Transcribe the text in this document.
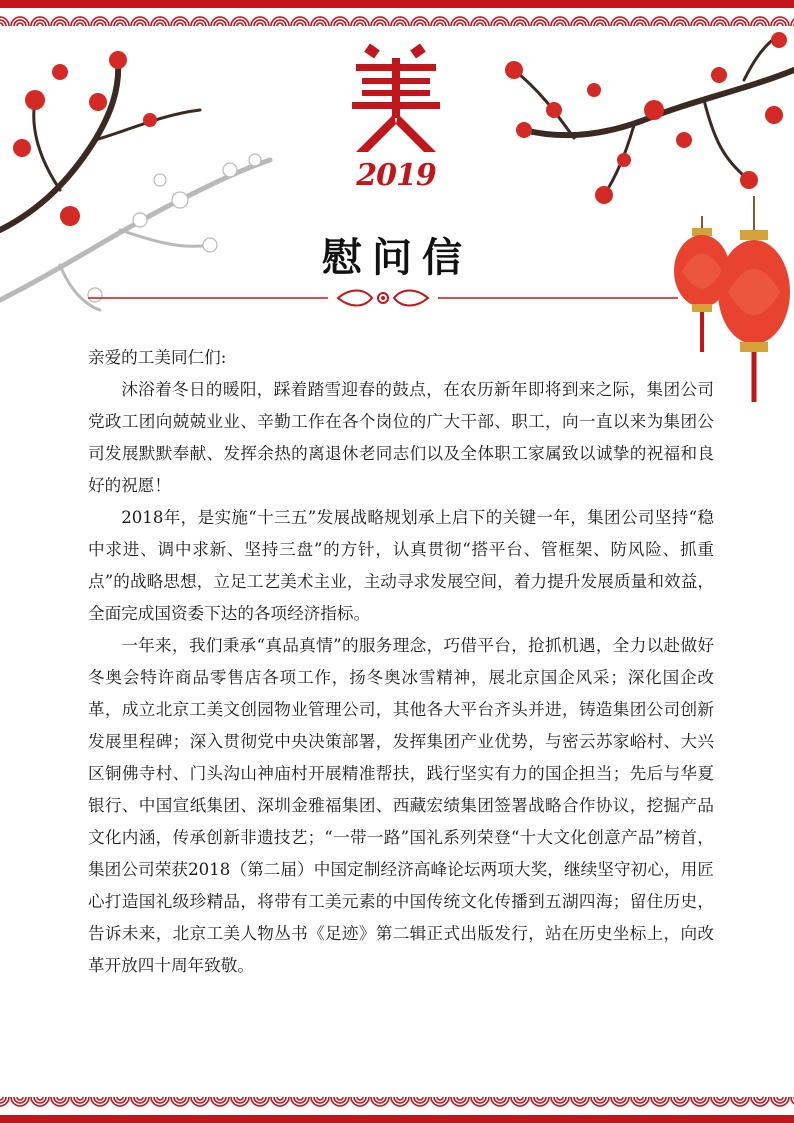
2019
慰问信

亲爱的工美同仁们:

沐浴着冬日的暖阳，踩着踏雪迎春的鼓点，在农历新年即将到来之际，集团公司党政工团向兢兢业业、辛勤工作在各个岗位的广大干部、职工，向一直以来为集团公司发展默默奉献、发挥余热的离退休老同志们以及全体职工家属致以诚挚的祝福和良好的祝愿！

2018年，是实施“十三五”发展战略规划承上启下的关键一年，集团公司坚持“稳中求进、调中求新、坚持三盘”的方针，认真贯彻“搭平台、管框架、防风险、抓重点”的战略思想，立足工艺美术主业，主动寻求发展空间，着力提升发展质量和效益，全面完成国资委下达的各项经济指标。

一年来，我们秉承“真品真情”的服务理念，巧借平台，抢抓机遇，全力以赴做好冬奥会特许商品零售店各项工作，扬冬奥冰雪精神，展北京国企风采；深化国企改革，成立北京工美文创园物业管理公司，其他各大平台齐头并进，铸造集团公司创新发展里程碑；深入贯彻党中央决策部署，发挥集团产业优势，与密云苏家峪村、大兴区铜佛寺村、门头沟山神庙村开展精准帮扶，践行坚实有力的国企担当；先后与华夏银行、中国宣纸集团、深圳金雅福集团、西藏宏绩集团签署战略合作协议，挖掘产品文化内涵，传承创新非遗技艺；“一带一路”国礼系列荣登“十大文化创意产品”榜首，集团公司荣获2018（第二届）中国定制经济高峰论坛两项大奖，继续坚守初心，用匠心打造国礼级珍精品，将带有工美元素的中国传统文化传播到五湖四海；留住历史，告诉未来，北京工美人物丛书《足迹》第二辑正式出版发行，站在历史坐标上，向改革开放四十周年致敬。
